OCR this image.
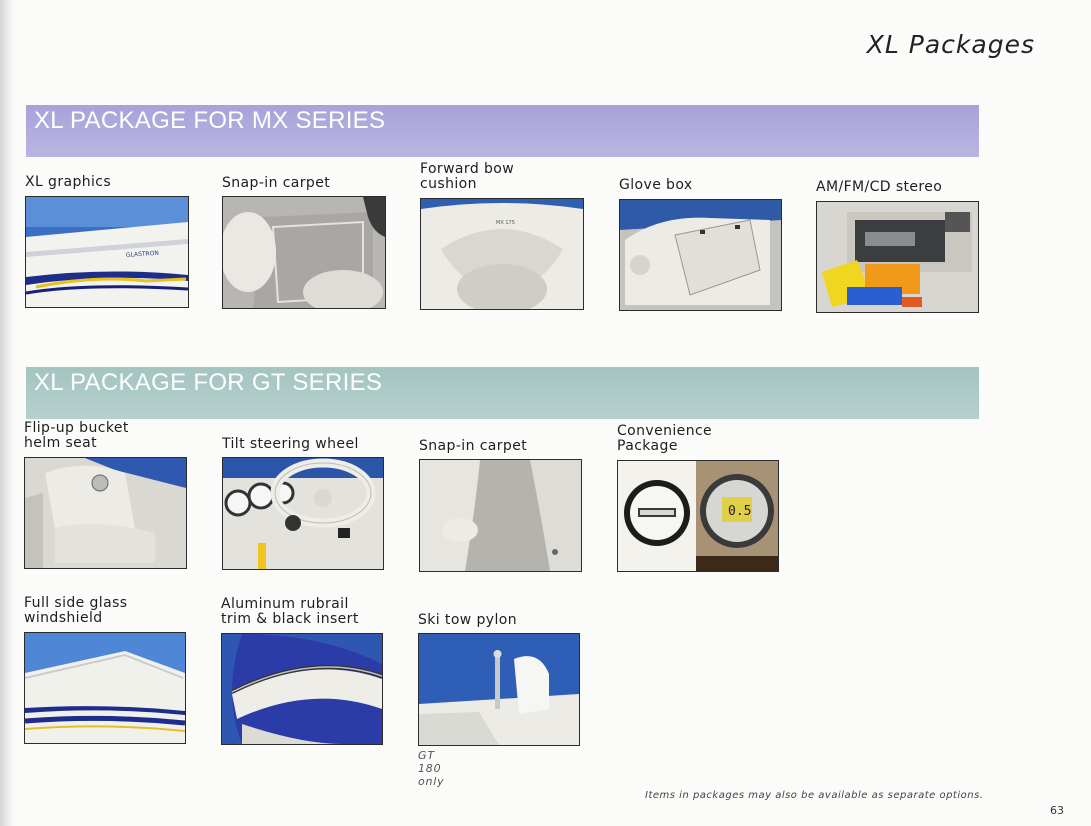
XL Packages
XL PACKAGE FOR MX SERIES
XL graphics
GLASTRON
Snap-in carpet
Forward bow
cushion
MX 175
Glove box	AM/FM/CD stereo
XL PACKAGE FOR GT SERIES
Flip-up bucket
helm seat	Tilt steering wheel	Snap-in carpet
Convenience
Package
0.5
Full side glass
windshield
Aluminum rubrail
trim & black insert	Ski tow pylon
GT 180 only
Items in packages may also be available as separate options.
63
